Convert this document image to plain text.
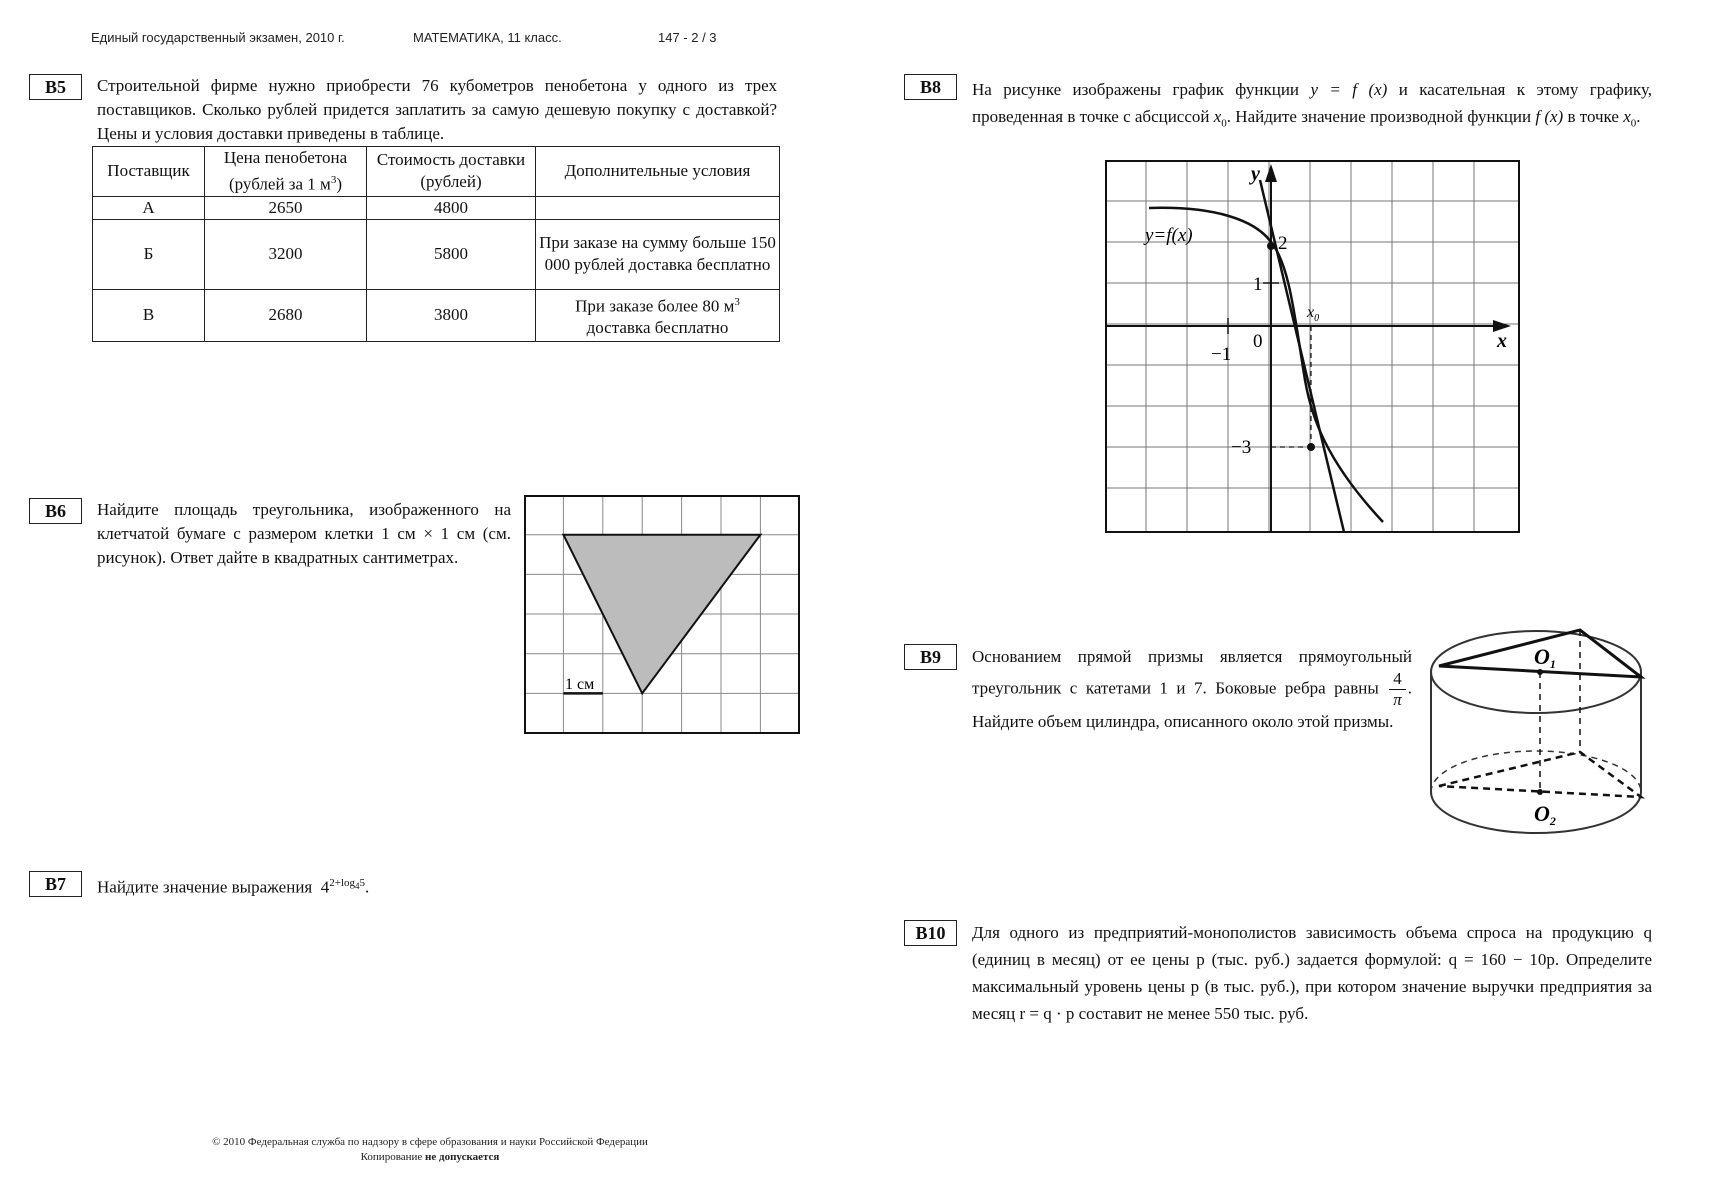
Единый государственный экзамен, 2010 г.	МАТЕМАТИКА, 11 класс.	147 - 2 / 3
B5	Строительной фирме нужно приобрести 76 кубометров пенобетона у одного из трех поставщиков. Сколько рублей придется заплатить за самую дешевую покупку с доставкой? Цены и условия доставки приведены в таблице.
Поставщик	Цена пенобетона (рублей за 1 $м^3$)	Стоимость доставки (рублей)	Дополнительные условия
А	2650	4800	
Б	3200	5800	При заказе на сумму больше 150 000 рублей доставка бесплатно
В	2680	3800	При заказе более 80 $м^3$
доставка бесплатно
B6	Найдите площадь треугольника, изображенного на клетчатой бумаге с размером клетки 1 см × 1 см (см. рисунок). Ответ дайте в квадратных сантиметрах.
1 см
B7	Найдите значение выражения $4^{2+log_45}$.
B8	На рисунке изображены график функции y = f (x) и касательная к этому графику, проведенная в точке с абсциссой $x_0$. Найдите значение производной функции f (x) в точке $x_0$.
y=f(x)
y
x
0
2
1
−1
−3
$x_0$
B9	Основанием прямой призмы является прямоугольный треугольник с катетами 1 и 7. Боковые ребра равны $\frac{4}{\pi}$ . Найдите объем цилиндра, описанного около этой призмы.
O1
O2
B10	Для одного из предприятий-монополистов зависимость объема спроса на продукцию q (единиц в месяц) от ее цены p (тыс. руб.) задается формулой: q = 160 − 10p. Определите максимальный уровень цены p (в тыс. руб.), при котором значение выручки предприятия за месяц r = q · p составит не менее 550 тыс. руб.
© 2010 Федеральная служба по надзору в сфере образования и науки Российской Федерации
Копирование не допускается
